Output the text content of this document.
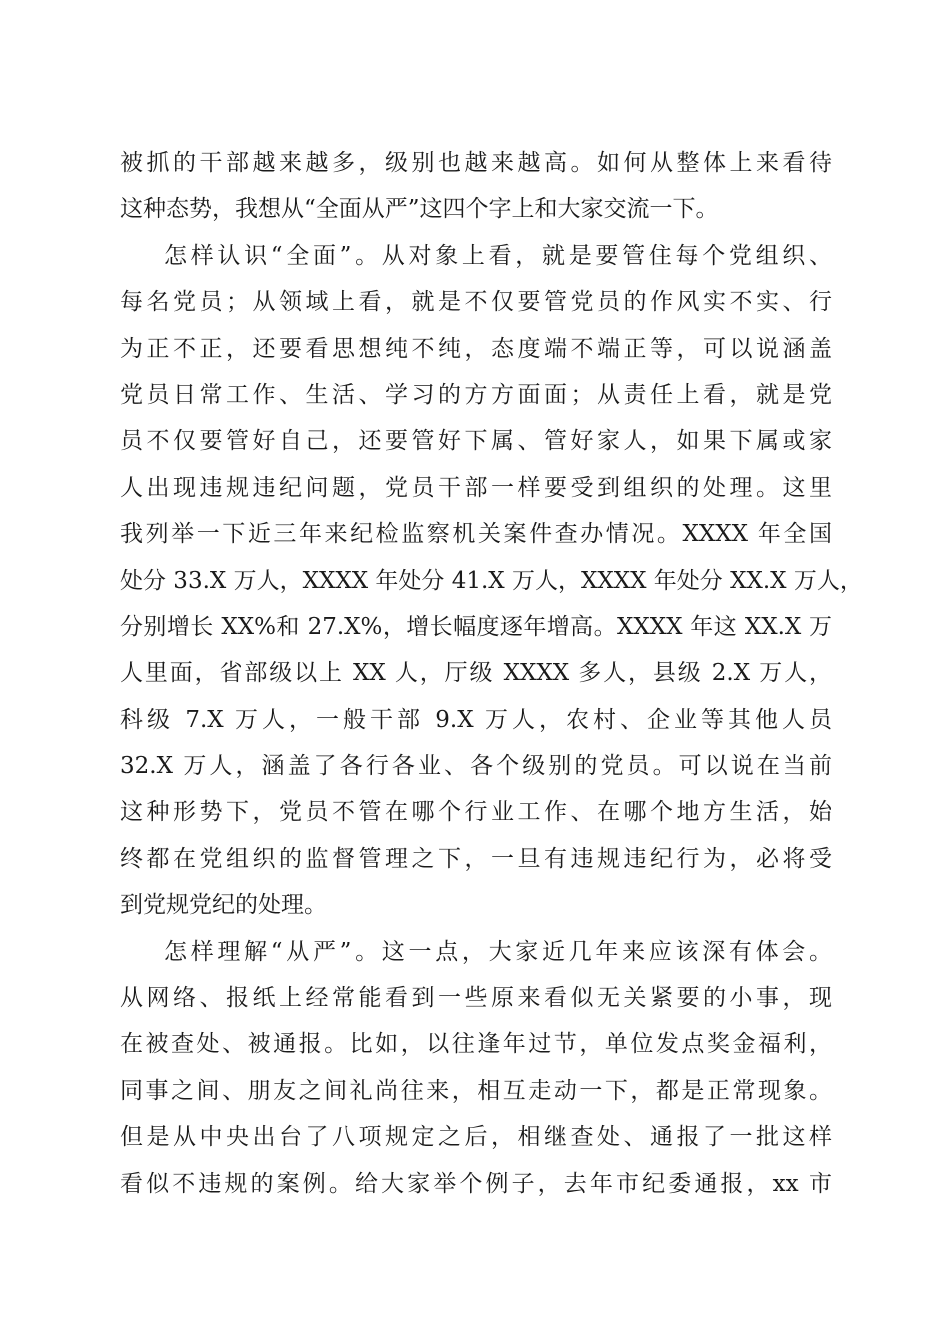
被抓的干部越来越多，级别也越来越高。如何从整体上来看待
这种态势，我想从“全面从严”这四个字上和大家交流一下。
怎样认识“全面”。从对象上看，就是要管住每个党组织、
每名党员；从领域上看，就是不仅要管党员的作风实不实、行
为正不正，还要看思想纯不纯，态度端不端正等，可以说涵盖
党员日常工作、生活、学习的方方面面；从责任上看，就是党
员不仅要管好自己，还要管好下属、管好家人，如果下属或家
人出现违规违纪问题，党员干部一样要受到组织的处理。这里
我列举一下近三年来纪检监察机关案件查办情况。XXXX 年全国
处分 33.X 万人，XXXX 年处分 41.X 万人，XXXX 年处分 XX.X 万人，
分别增长 XX%和 27.X%，增长幅度逐年增高。XXXX 年这 XX.X 万
人里面，省部级以上 XX 人，厅级 XXXX 多人，县级 2.X 万人，
科级 7.X 万人，一般干部 9.X 万人，农村、企业等其他人员
32.X 万人，涵盖了各行各业、各个级别的党员。可以说在当前
这种形势下，党员不管在哪个行业工作、在哪个地方生活，始
终都在党组织的监督管理之下，一旦有违规违纪行为，必将受
到党规党纪的处理。
怎样理解“从严”。这一点，大家近几年来应该深有体会。
从网络、报纸上经常能看到一些原来看似无关紧要的小事，现
在被查处、被通报。比如，以往逢年过节，单位发点奖金福利，
同事之间、朋友之间礼尚往来，相互走动一下，都是正常现象。
但是从中央出台了八项规定之后，相继查处、通报了一批这样
看似不违规的案例。给大家举个例子，去年市纪委通报，xx 市
